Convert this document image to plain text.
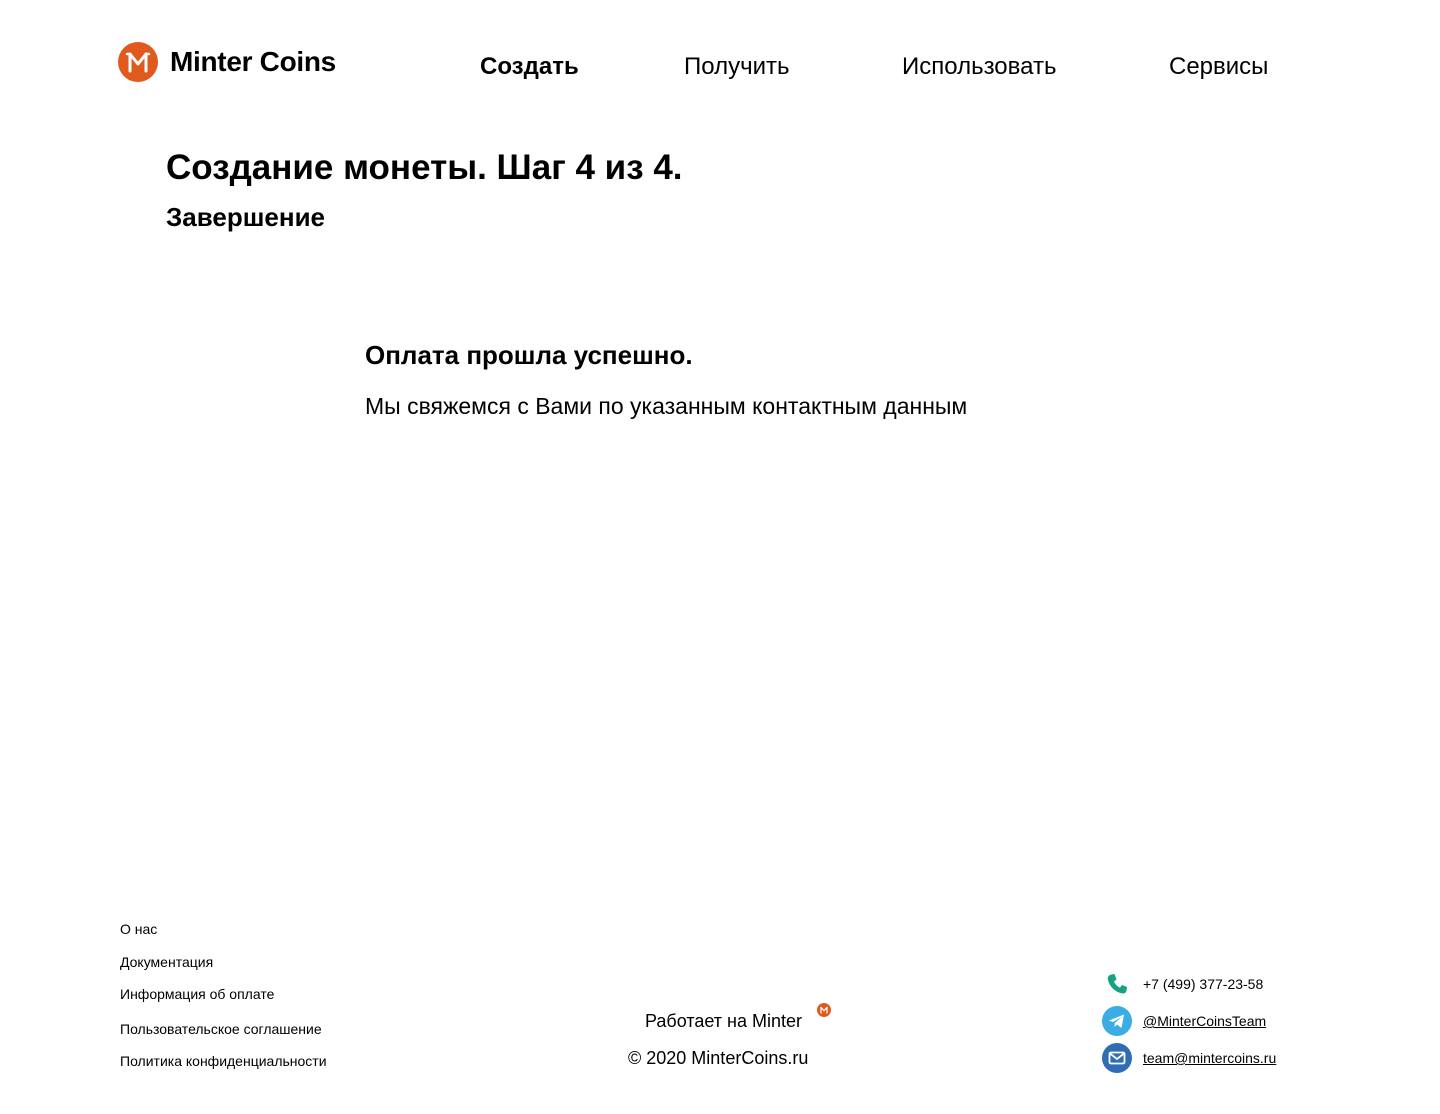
Minter Coins	Создать	Получить	Использовать	Сервисы
Создание монеты. Шаг 4 из 4.
Завершение
Оплата прошла успешно.

Мы свяжемся с Вами по указанным контактным данным

О нас
Документация
Информация об оплате
Пользовательское соглашение
Политика конфиденциальности
Работает на Minter
© 2020 MinterCoins.ru
+7 (499) 377-23-58
@MinterCoinsTeam
team@mintercoins.ru
